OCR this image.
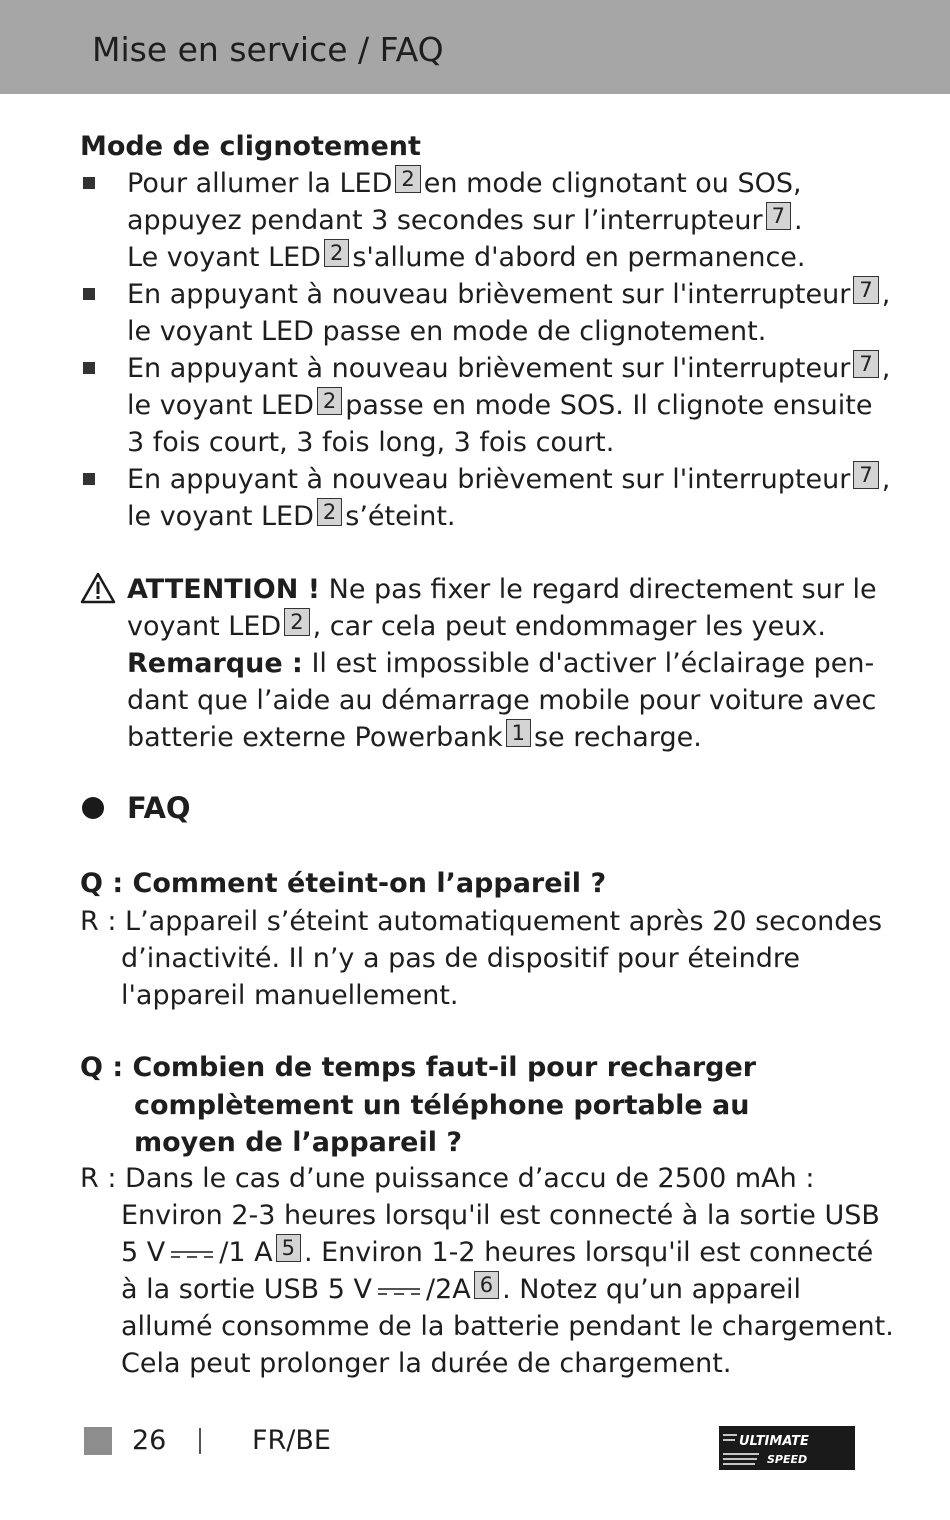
Mise en service / FAQ
Mode de clignotement
Pour allumer la LED 2 en mode clignotant ou SOS,
appuyez pendant 3 secondes sur l’interrupteur 7 .
Le voyant LED 2 s'allume d'abord en permanence.
En appuyant à nouveau brièvement sur l'interrupteur 7 ,
le voyant LED passe en mode de clignotement.
En appuyant à nouveau brièvement sur l'interrupteur 7 ,
le voyant LED 2 passe en mode SOS. Il clignote ensuite
3 fois court, 3 fois long, 3 fois court.
En appuyant à nouveau brièvement sur l'interrupteur 7 ,
le voyant LED 2 s’éteint.
ATTENTION ! Ne pas fixer le regard directement sur le
voyant LED 2 , car cela peut endommager les yeux.
Remarque : Il est impossible d'activer l’éclairage pen-
dant que l’aide au démarrage mobile pour voiture avec
batterie externe Powerbank 1 se recharge.
FAQ
Q : Comment éteint-on l’appareil ?
R : L’appareil s’éteint automatiquement après 20 secondes
d’inactivité. Il n’y a pas de dispositif pour éteindre
l'appareil manuellement.
Q : Combien de temps faut-il pour recharger
complètement un téléphone portable au
moyen de l’appareil ?
R : Dans le cas d’une puissance d’accu de 2500 mAh :
Environ 2-3 heures lorsqu'il est connecté à la sortie USB
5 V /1 A 5 . Environ 1-2 heures lorsqu'il est connecté
à la sortie USB 5 V /2A 6 . Notez qu’un appareil
allumé consomme de la batterie pendant le chargement.
Cela peut prolonger la durée de chargement.
26	FR/BE	ULTIMATE
SPEED
